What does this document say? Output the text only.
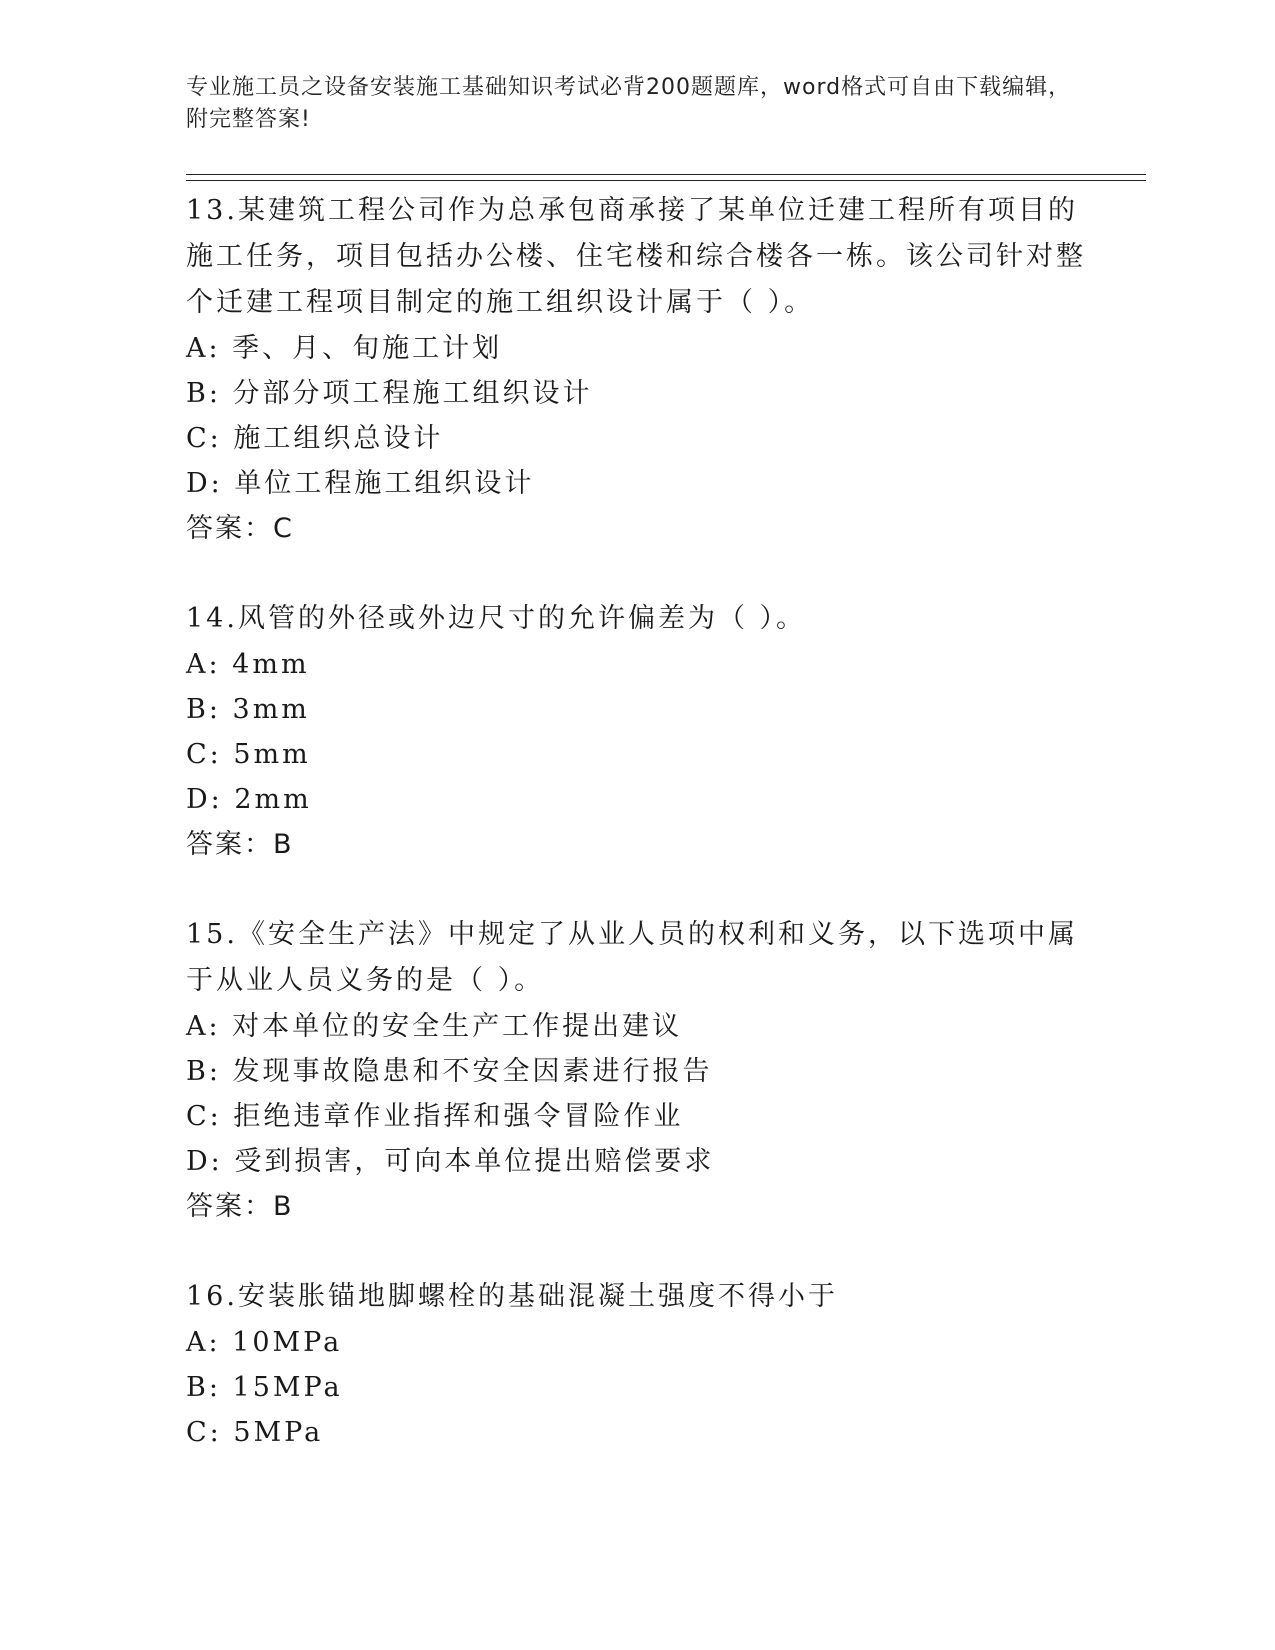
专业施工员之设备安装施工基础知识考试必背200题题库，word格式可自由下载编辑，附完整答案!

13.某建筑工程公司作为总承包商承接了某单位迁建工程所有项目的施工任务，项目包括办公楼、住宅楼和综合楼各一栋。该公司针对整个迁建工程项目制定的施工组织设计属于（ ）。

A: 季、月、旬施工计划

B: 分部分项工程施工组织设计

C: 施工组织总设计

D: 单位工程施工组织设计

答案：C

14.风管的外径或外边尺寸的允许偏差为（ ）。

A: 4mm

B: 3mm

C: 5mm

D: 2mm

答案：B

15.《安全生产法》中规定了从业人员的权利和义务，以下选项中属于从业人员义务的是（ ）。

A: 对本单位的安全生产工作提出建议

B: 发现事故隐患和不安全因素进行报告

C: 拒绝违章作业指挥和强令冒险作业

D: 受到损害，可向本单位提出赔偿要求

答案：B

16.安装胀锚地脚螺栓的基础混凝土强度不得小于

A: 10MPa

B: 15MPa

C: 5MPa
